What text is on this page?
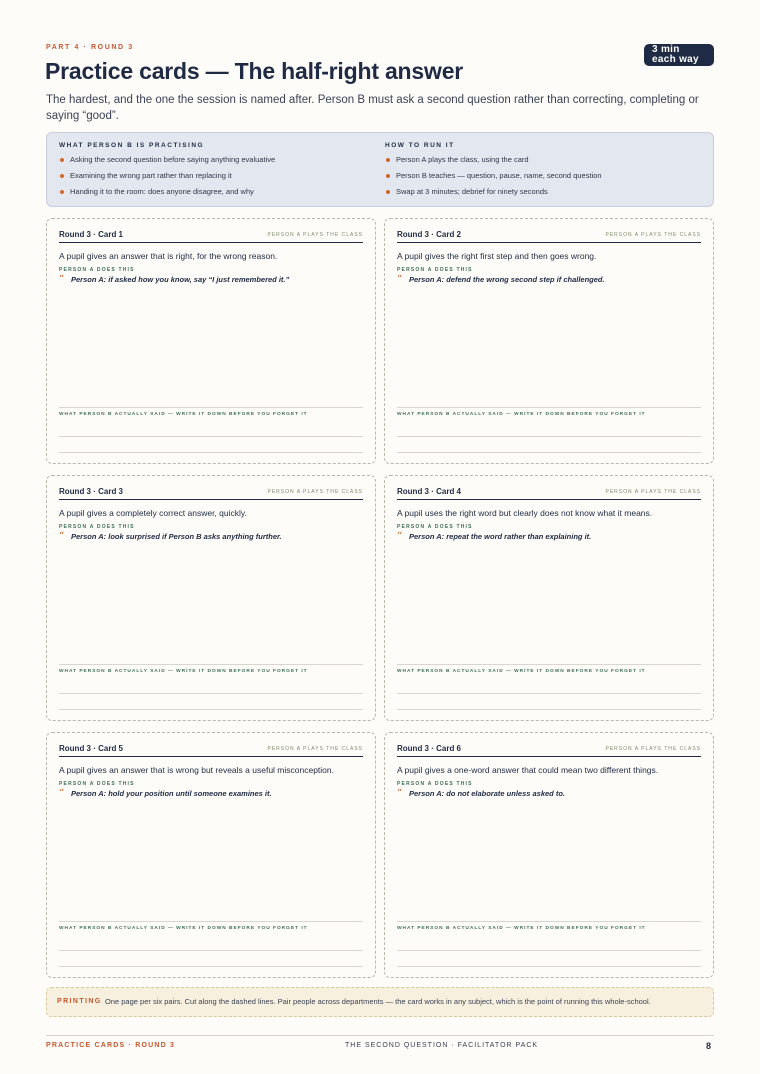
PART 4 · ROUND 3	3 min each way
Practice cards — The half-right answer

The hardest, and the one the session is named after. Person B must ask a second question rather than correcting, completing or saying “good”.

WHAT PERSON B IS PRACTISING
Asking the second question before saying anything evaluative
Examining the wrong part rather than replacing it
Handing it to the room: does anyone disagree, and why
HOW TO RUN IT
Person A plays the class, using the card
Person B teaches — question, pause, name, second question
Swap at 3 minutes; debrief for ninety seconds
Round 3 · Card 1	PERSON A PLAYS THE CLASS
A pupil gives an answer that is right, for the wrong reason.
PERSON A DOES THIS
“ Person A: if asked how you know, say “I just remembered it.”
WHAT PERSON B ACTUALLY SAID — WRITE IT DOWN BEFORE YOU FORGET IT
Round 3 · Card 2	PERSON A PLAYS THE CLASS
A pupil gives the right first step and then goes wrong.
PERSON A DOES THIS
“ Person A: defend the wrong second step if challenged.
WHAT PERSON B ACTUALLY SAID — WRITE IT DOWN BEFORE YOU FORGET IT
Round 3 · Card 3	PERSON A PLAYS THE CLASS
A pupil gives a completely correct answer, quickly.
PERSON A DOES THIS
“ Person A: look surprised if Person B asks anything further.
WHAT PERSON B ACTUALLY SAID — WRITE IT DOWN BEFORE YOU FORGET IT
Round 3 · Card 4	PERSON A PLAYS THE CLASS
A pupil uses the right word but clearly does not know what it means.
PERSON A DOES THIS
“ Person A: repeat the word rather than explaining it.
WHAT PERSON B ACTUALLY SAID — WRITE IT DOWN BEFORE YOU FORGET IT
Round 3 · Card 5	PERSON A PLAYS THE CLASS
A pupil gives an answer that is wrong but reveals a useful misconception.
PERSON A DOES THIS
“ Person A: hold your position until someone examines it.
WHAT PERSON B ACTUALLY SAID — WRITE IT DOWN BEFORE YOU FORGET IT
Round 3 · Card 6	PERSON A PLAYS THE CLASS
A pupil gives a one-word answer that could mean two different things.
PERSON A DOES THIS
“ Person A: do not elaborate unless asked to.
WHAT PERSON B ACTUALLY SAID — WRITE IT DOWN BEFORE YOU FORGET IT
PRINTING One page per six pairs. Cut along the dashed lines. Pair people across departments — the card works in any subject, which is the point of running this whole-school.
PRACTICE CARDS · ROUND 3	THE SECOND QUESTION · FACILITATOR PACK	8
